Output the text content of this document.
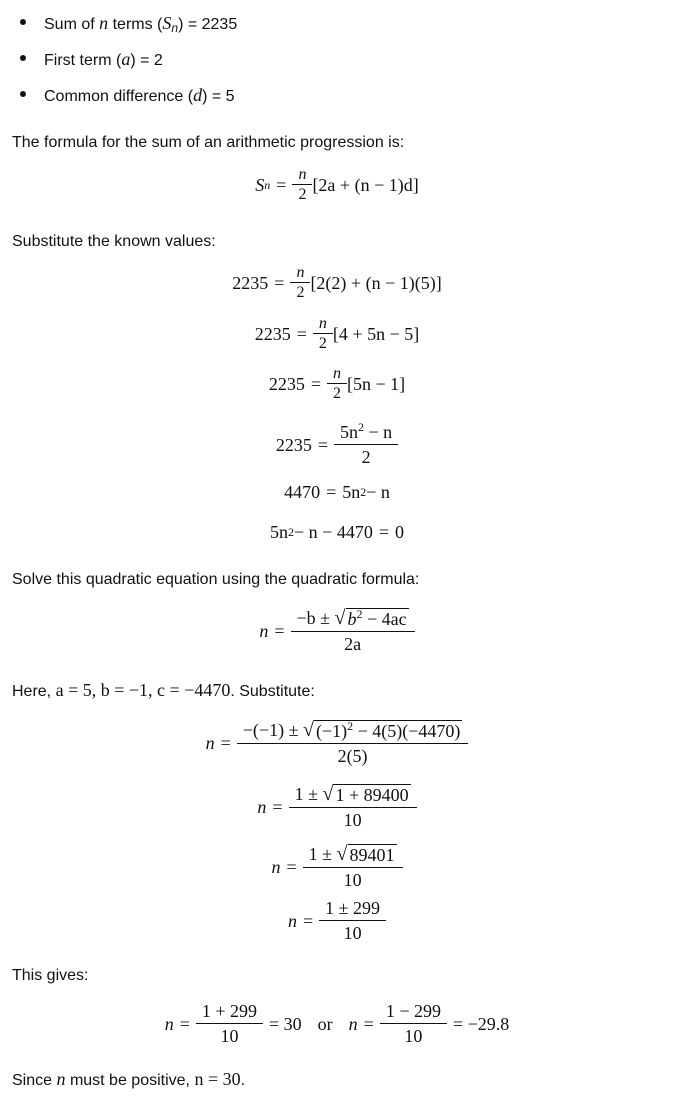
Sum of n terms $(S_n) = 2235$
First term (a) = 2
Common difference (d) = 5
The formula for the sum of an arithmetic progression is:
S $n = \frac{n}{2} [2a + (n - 1)d]$
Substitute the known values:
$2235 = \frac{n}{2} [2(2) + (n - 1)(5)]$
$2235 = \frac{n}{2} [4 + 5n - 5]$
$2235 = \frac{n}{2} [5n - 1]$
$2235 = \frac{5n^2 - n}{2}$
4470 = 5n 2 − n
5n 2 − n − 4470 = 0
Solve this quadratic equation using the quadratic formula:
$n = \frac{-b \pm √ b^2 - 4ac}{2a}$
Here, a = 5, b = −1, c = −4470. Substitute:
$n = \frac{-(-1) \pm √ (-1)^2 - 4(5)(-4470)}{2(5)}$
$n = \frac{1 \pm √ 1 + 89400}{10}$
$n = \frac{1 \pm √ 89401}{10}$
$n = \frac{1 \pm 299}{10}$
This gives:
$n = \frac{1 + 299}{10} = 30$ or $n = \frac{1 - 299}{10} = -29.8$
Since n must be positive, n = 30.
